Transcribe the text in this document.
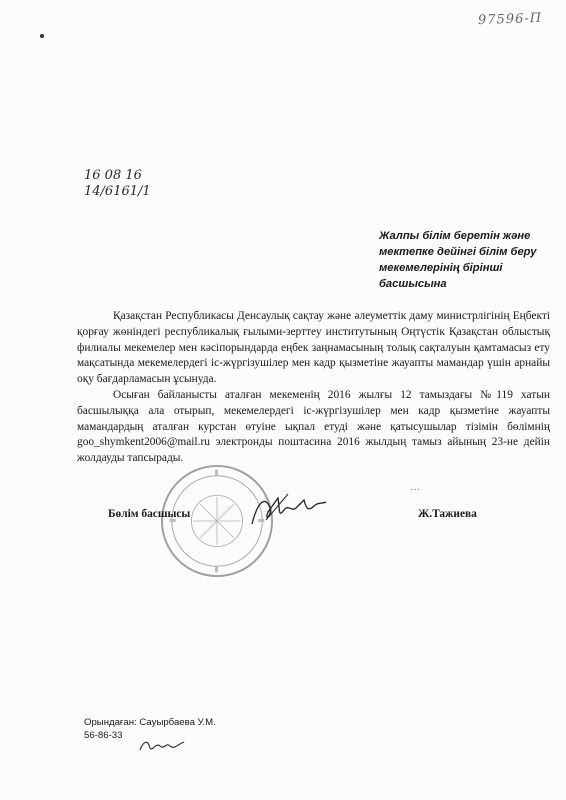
97596-П
16 08 16
14/6161/1
Жалпы білім беретін және
мектепке дейінгі білім беру
мекемелерінің бірінші
басшысына

Қазақстан Республикасы Денсаулық сақтау және әлеуметтік даму министрлігінің Еңбекті қорғау жөніндегі республикалық ғылыми-зерттеу институтының Оңтүстік Қазақстан облыстық филиалы мекемелер мен кәсіпорындарда еңбек заңнамасының толық сақталуын қамтамасыз ету мақсатында мекемелердегі іс-жүргізушілер мен кадр қызметіне жауапты мамандар үшін арнайы оқу бағдарламасын ұсынуда.

Осыған байланысты аталған мекеменің 2016 жылғы 12 тамыздағы №119 хатын басшылыққа ала отырып, мекемелердегі іс-жүргізушілер мен кадр қызметіне жауапты мамандардың аталған курстан өтуіне ықпал етуді және қатысушылар тізімін бөлімнің goo_shymkent2006@mail.ru электронды поштасина 2016 жылдың тамыз айының 23-не дейін жолдауды тапсырады.

Бөлім басшысы	Ж.Тажиева
˙˙˙
Орындаған: Сауырбаева У.М.
56-86-33
